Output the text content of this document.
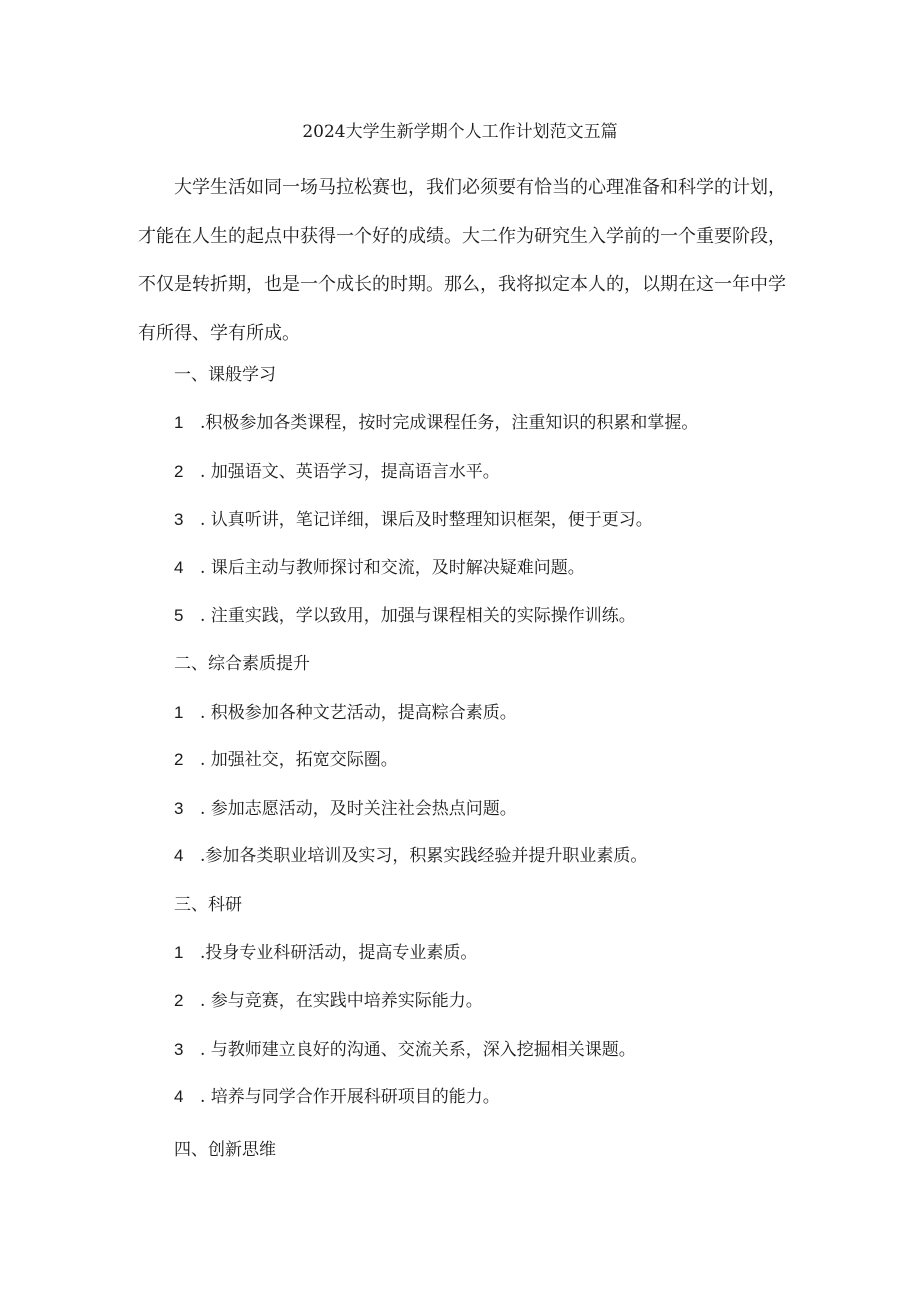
2024大学生新学期个人工作计划范文五篇

大学生活如同一场马拉松赛也，我们必须要有恰当的心理准备和科学的计划，才能在人生的起点中获得一个好的成绩。大二作为研究生入学前的一个重要阶段，不仅是转折期，也是一个成长的时期。那么，我将拟定本人的，以期在这一年中学有所得、学有所成。

一、课般学习
1 .积极参加各类课程，按时完成课程任务，注重知识的积累和掌握。
2 . 加强语文、英语学习，提高语言水平。
3 . 认真听讲，笔记详细，课后及时整理知识框架，便于更习。
4 . 课后主动与教师探讨和交流，及时解决疑难问题。
5 . 注重实践，学以致用，加强与课程相关的实际操作训练。
二、综合素质提升
1 . 积极参加各种文艺活动，提高粽合素质。
2 . 加强社交，拓宽交际圈。
3 . 参加志愿活动，及时关注社会热点问题。
4 .参加各类职业培训及实习，积累实践经验并提升职业素质。
三、科研
1 .投身专业科研活动，提高专业素质。
2 . 参与竞赛，在实践中培养实际能力。
3 . 与教师建立良好的沟通、交流关系，深入挖掘相关课题。
4 . 培养与同学合作开展科研项目的能力。
四、创新思维
